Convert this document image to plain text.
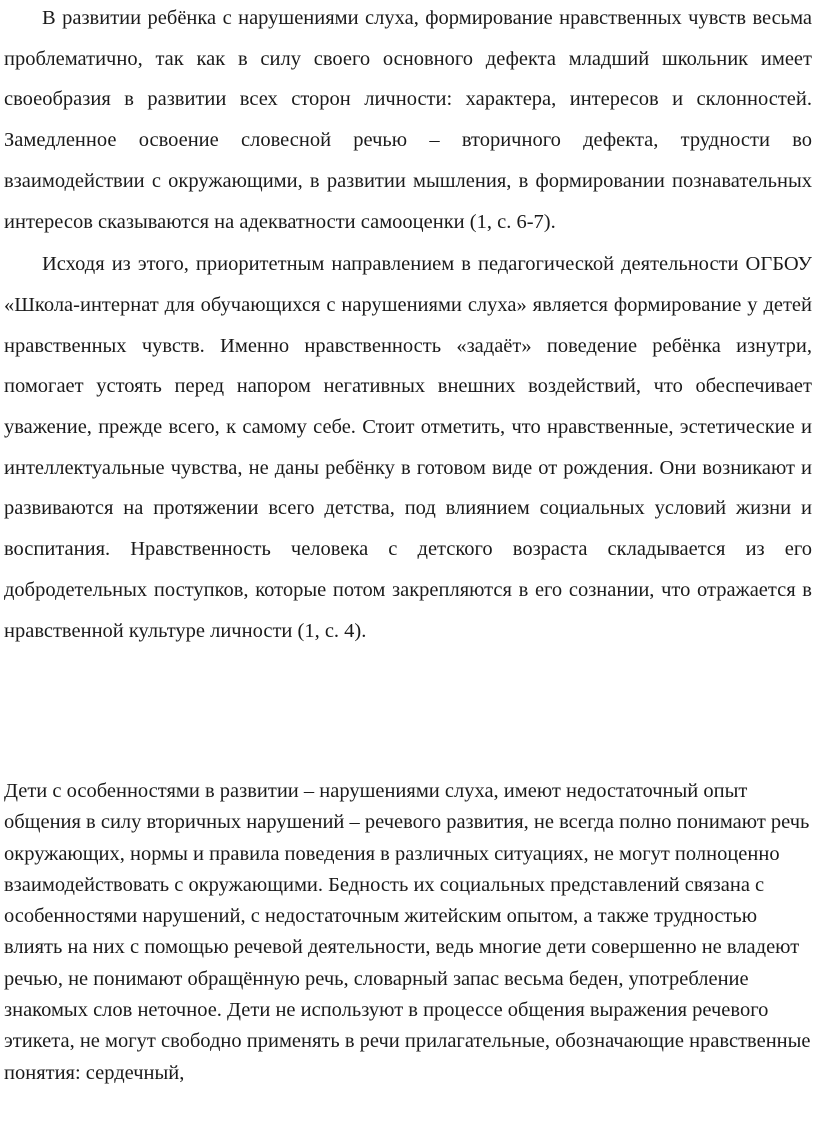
В развитии ребёнка с нарушениями слуха, формирование нравственных чувств весьма проблематично, так как в силу своего основного дефекта младший школьник имеет своеобразия в развитии всех сторон личности: характера, интересов и склонностей. Замедленное освоение словесной речью – вторичного дефекта, трудности во взаимодействии с окружающими, в развитии мышления, в формировании познавательных интересов сказываются на адекватности самооценки (1, с. 6-7).

Исходя из этого, приоритетным направлением в педагогической деятельности ОГБОУ «Школа-интернат для обучающихся с нарушениями слуха» является формирование у детей нравственных чувств. Именно нравственность «задаёт» поведение ребёнка изнутри, помогает устоять перед напором негативных внешних воздействий, что обеспечивает уважение, прежде всего, к самому себе. Стоит отметить, что нравственные, эстетические и интеллектуальные чувства, не даны ребёнку в готовом виде от рождения. Они возникают и развиваются на протяжении всего детства, под влиянием социальных условий жизни и воспитания. Нравственность человека с детского возраста складывается из его добродетельных поступков, которые потом закрепляются в его сознании, что отражается в нравственной культуре личности (1, с. 4).

Дети с особенностями в развитии – нарушениями слуха, имеют недостаточный опыт общения в силу вторичных нарушений – речевого развития, не всегда полно понимают речь окружающих, нормы и правила поведения в различных ситуациях, не могут полноценно взаимодействовать с окружающими. Бедность их социальных представлений связана с особенностями нарушений, с недостаточным житейским опытом, а также трудностью влиять на них с помощью речевой деятельности, ведь многие дети совершенно не владеют речью, не понимают обращённую речь, словарный запас весьма беден, употребление знакомых слов неточное. Дети не используют в процессе общения выражения речевого этикета, не могут свободно применять в речи прилагательные, обозначающие нравственные понятия: сердечный,
